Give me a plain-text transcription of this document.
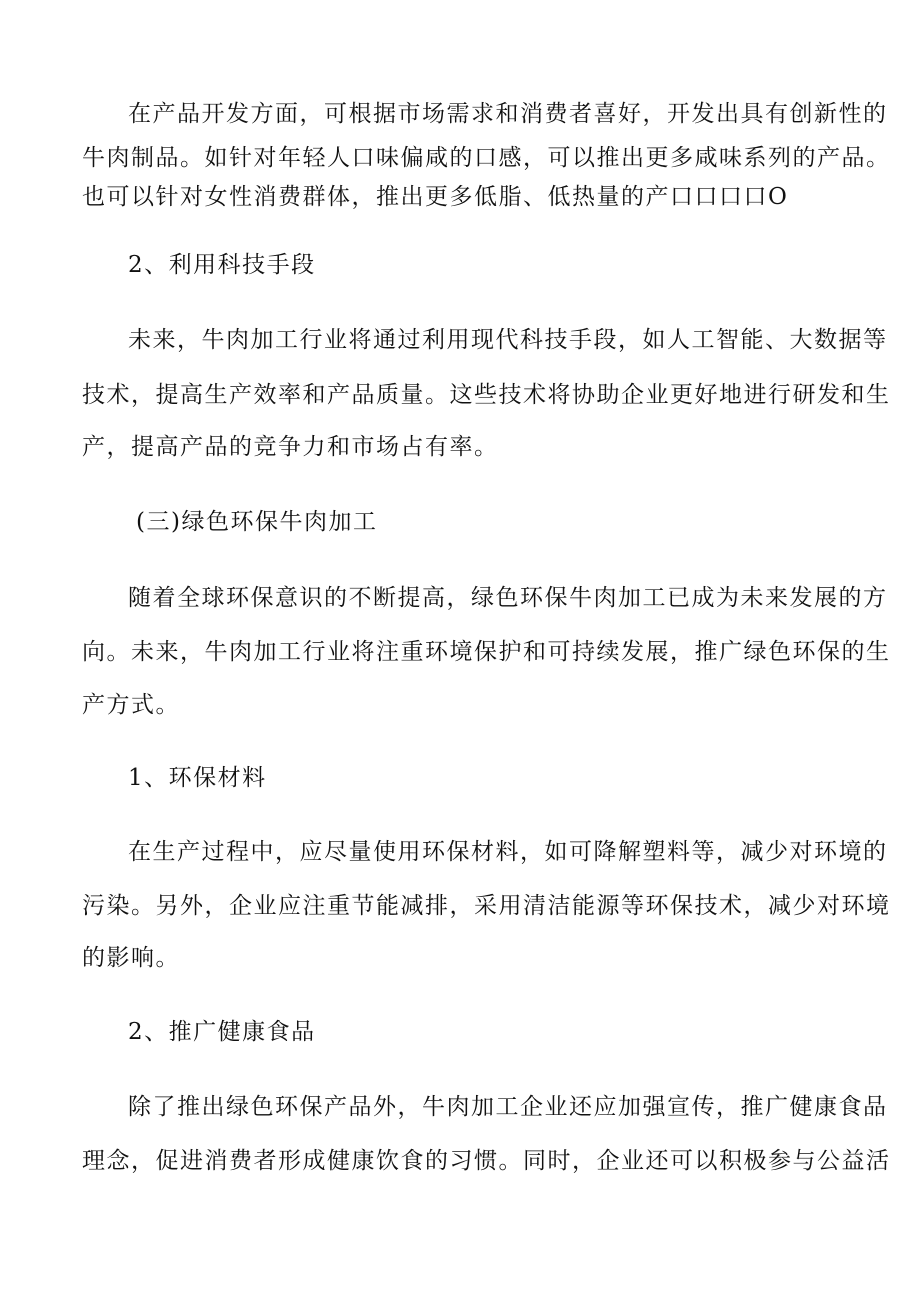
在产品开发方面，可根据市场需求和消费者喜好，开发出具有创新性的
牛肉制品。如针对年轻人口味偏咸的口感，可以推出更多咸味系列的产品。
也可以针对女性消费群体，推出更多低脂、低热量的产口口口口O
2、利用科技手段
未来，牛肉加工行业将通过利用现代科技手段，如人工智能、大数据等
技术，提高生产效率和产品质量。这些技术将协助企业更好地进行研发和生
产，提高产品的竞争力和市场占有率。
(三)绿色环保牛肉加工
随着全球环保意识的不断提高，绿色环保牛肉加工已成为未来发展的方
向。未来，牛肉加工行业将注重环境保护和可持续发展，推广绿色环保的生
产方式。
1、环保材料
在生产过程中，应尽量使用环保材料，如可降解塑料等，减少对环境的
污染。另外，企业应注重节能减排，采用清洁能源等环保技术，减少对环境
的影响。
2、推广健康食品
除了推出绿色环保产品外，牛肉加工企业还应加强宣传，推广健康食品
理念，促进消费者形成健康饮食的习惯。同时，企业还可以积极参与公益活
